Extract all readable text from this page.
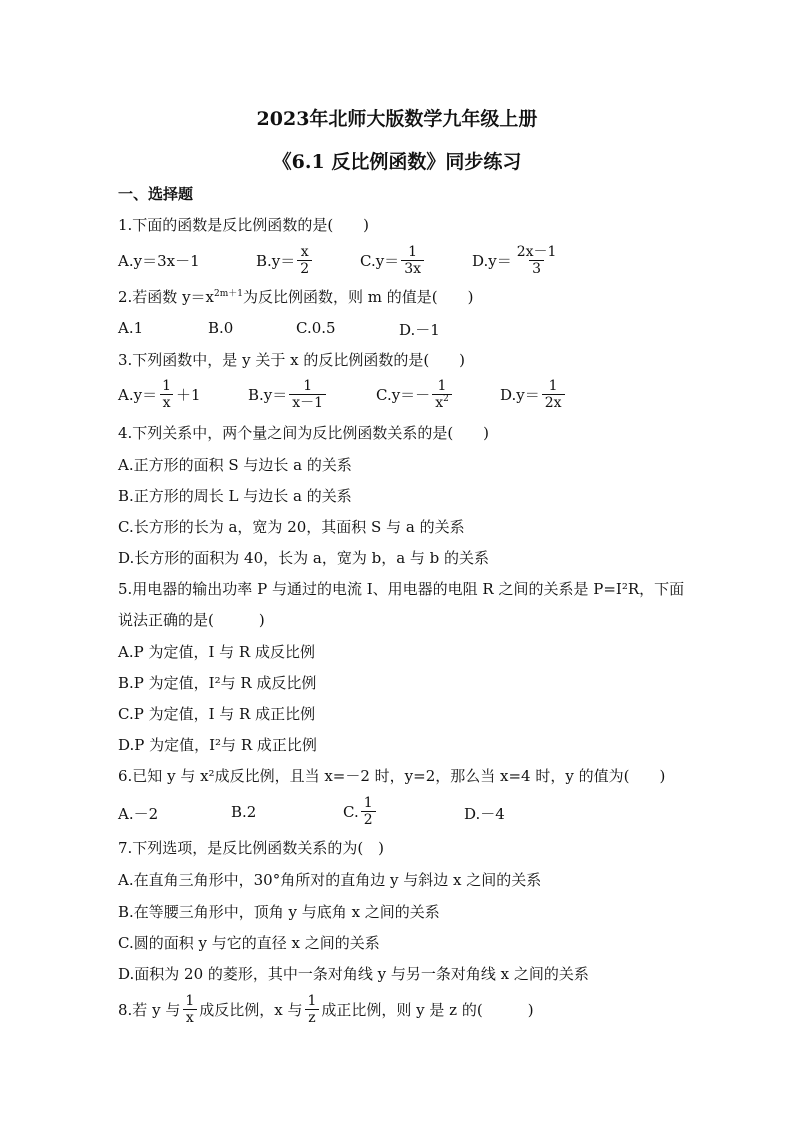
2023年北师大版数学九年级上册
《6.1 反比例函数》同步练习
一、选择题
1.下面的函数是反比例函数的是(　　)
A.y＝3x－1	$B.y= \frac{x}{2}$	$C.y= \frac{1}{3x}$	$D.y= \frac{2x-1}{3}$
2.若函数 $y=x^{2m+1}$为反比例函数，则 m 的值是(　　)
A.1	B.0	C.0.5	D.－1
3.下列函数中，是 y 关于 x 的反比例函数的是(　　)
$A.y= \frac{1}{x} +1$	$B.y= \frac{1}{x-1}$	$C.y=- \frac{1}{x^2}$	$D.y= \frac{1}{2x}$
4.下列关系中，两个量之间为反比例函数关系的是(　　)
A.正方形的面积 S 与边长 a 的关系
B.正方形的周长 L 与边长 a 的关系
C.长方形的长为 a，宽为 20，其面积 S 与 a 的关系
D.长方形的面积为 40，长为 a，宽为 b，a 与 b 的关系
5.用电器的输出功率 P 与通过的电流 I、用电器的电阻 R 之间的关系是 P=I²R，下面
说法正确的是(　　　)
A.P 为定值，I 与 R 成反比例
B.P 为定值，I²与 R 成反比例
C.P 为定值，I 与 R 成正比例
D.P 为定值，I²与 R 成正比例
6.已知 y 与 x²成反比例，且当 x=－2 时，y=2，那么当 x=4 时，y 的值为(　　)
A.－2	B.2	C. $\frac{1}{2}$	D.－4
7.下列选项，是反比例函数关系的为(　)
A.在直角三角形中，30°角所对的直角边 y 与斜边 x 之间的关系
B.在等腰三角形中，顶角 y 与底角 x 之间的关系
C.圆的面积 y 与它的直径 x 之间的关系
D.面积为 20 的菱形，其中一条对角线 y 与另一条对角线 x 之间的关系
8.若 y 与 $\frac{1}{x}$ 成反比例，x 与 $\frac{1}{z}$ 成正比例，则 y 是 z 的(　　　)
